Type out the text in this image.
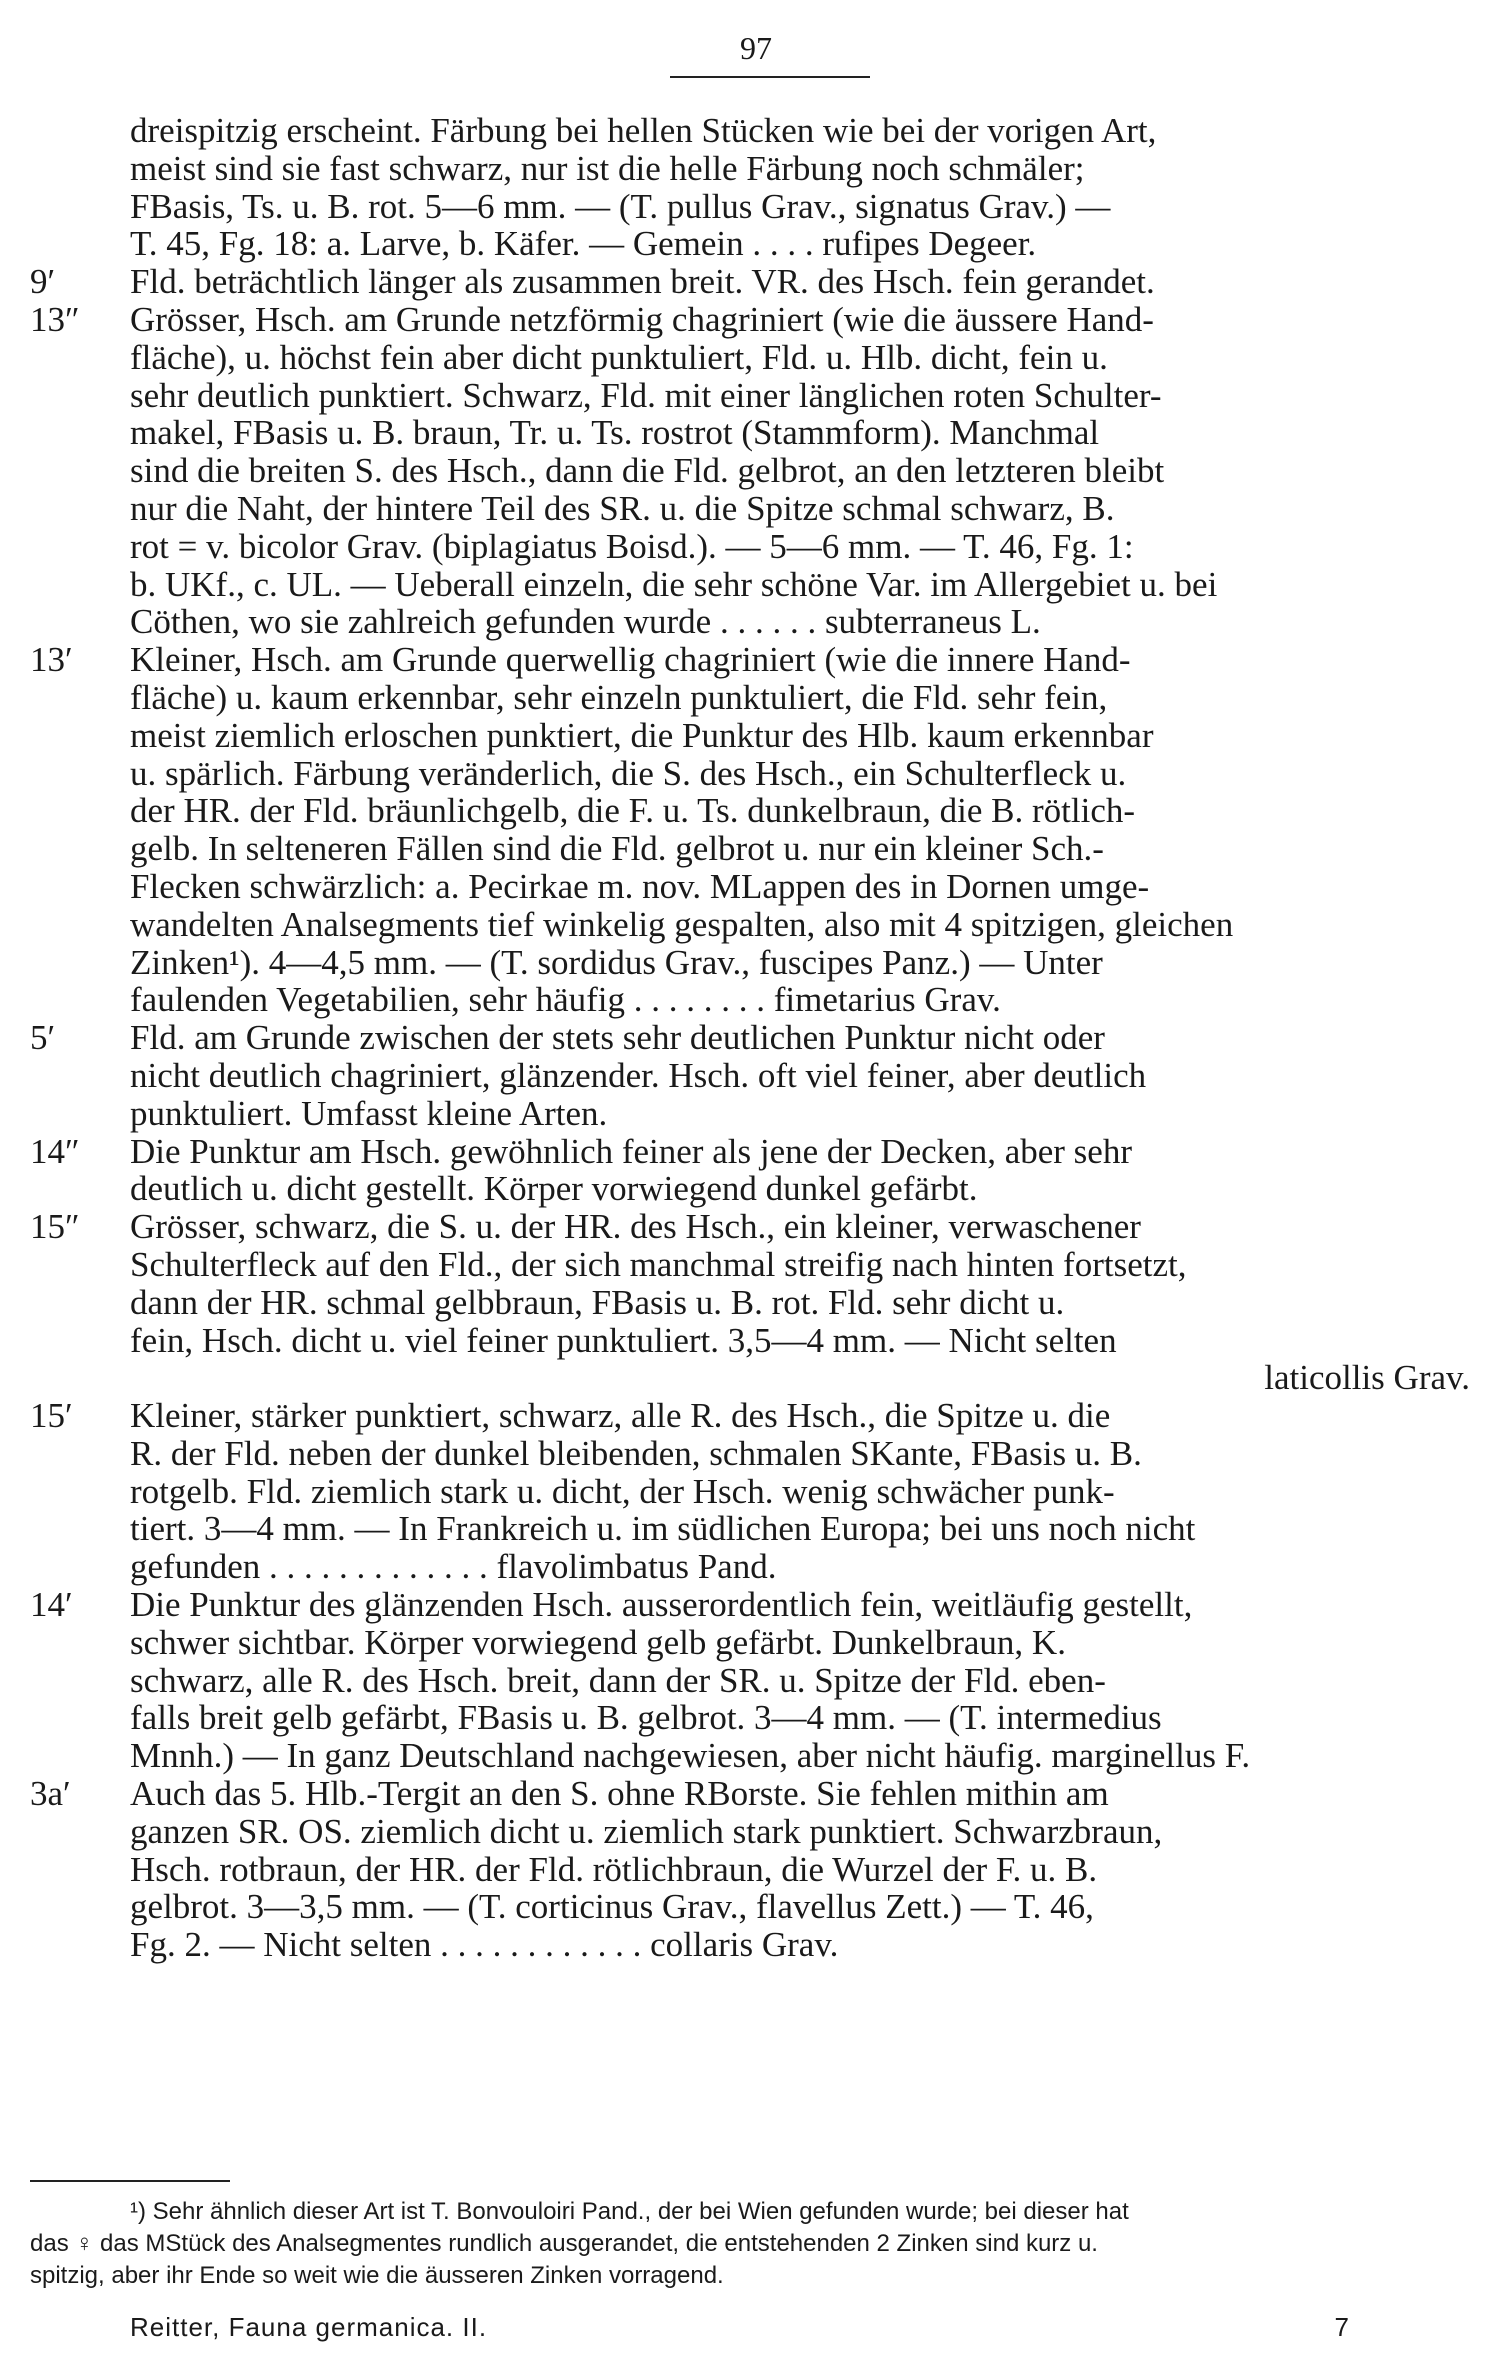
97
dreispitzig erscheint. Färbung bei hellen Stücken wie bei der vorigen Art,
meist sind sie fast schwarz, nur ist die helle Färbung noch schmäler;
FBasis, Ts. u. B. rot. 5—6 mm. — (T. pullus Grav., signatus Grav.) —
T. 45, Fg. 18: a. Larve, b. Käfer. — Gemein . . . . rufipes Degeer.
9′	Fld. beträchtlich länger als zusammen breit. VR. des Hsch. fein gerandet.
13″	Grösser, Hsch. am Grunde netzförmig chagriniert (wie die äussere Hand-
fläche), u. höchst fein aber dicht punktuliert, Fld. u. Hlb. dicht, fein u.
sehr deutlich punktiert. Schwarz, Fld. mit einer länglichen roten Schulter-
makel, FBasis u. B. braun, Tr. u. Ts. rostrot (Stammform). Manchmal
sind die breiten S. des Hsch., dann die Fld. gelbrot, an den letzteren bleibt
nur die Naht, der hintere Teil des SR. u. die Spitze schmal schwarz, B.
rot = v. bicolor Grav. (biplagiatus Boisd.). — 5—6 mm. — T. 46, Fg. 1:
b. UKf., c. UL. — Ueberall einzeln, die sehr schöne Var. im Allergebiet u. bei
Cöthen, wo sie zahlreich gefunden wurde . . . . . . subterraneus L.
13′	Kleiner, Hsch. am Grunde querwellig chagriniert (wie die innere Hand-
fläche) u. kaum erkennbar, sehr einzeln punktuliert, die Fld. sehr fein,
meist ziemlich erloschen punktiert, die Punktur des Hlb. kaum erkennbar
u. spärlich. Färbung veränderlich, die S. des Hsch., ein Schulterfleck u.
der HR. der Fld. bräunlichgelb, die F. u. Ts. dunkelbraun, die B. rötlich-
gelb. In selteneren Fällen sind die Fld. gelbrot u. nur ein kleiner Sch.-
Flecken schwärzlich: a. Pecirkae m. nov. MLappen des in Dornen umge-
wandelten Analsegments tief winkelig gespalten, also mit 4 spitzigen, gleichen
Zinken¹). 4—4,5 mm. — (T. sordidus Grav., fuscipes Panz.) — Unter
faulenden Vegetabilien, sehr häufig . . . . . . . . fimetarius Grav.
5′	Fld. am Grunde zwischen der stets sehr deutlichen Punktur nicht oder
nicht deutlich chagriniert, glänzender. Hsch. oft viel feiner, aber deutlich
punktuliert. Umfasst kleine Arten.
14″	Die Punktur am Hsch. gewöhnlich feiner als jene der Decken, aber sehr
deutlich u. dicht gestellt. Körper vorwiegend dunkel gefärbt.
15″	Grösser, schwarz, die S. u. der HR. des Hsch., ein kleiner, verwaschener
Schulterfleck auf den Fld., der sich manchmal streifig nach hinten fortsetzt,
dann der HR. schmal gelbbraun, FBasis u. B. rot. Fld. sehr dicht u.
fein, Hsch. dicht u. viel feiner punktuliert. 3,5—4 mm. — Nicht selten
laticollis Grav.
15′	Kleiner, stärker punktiert, schwarz, alle R. des Hsch., die Spitze u. die
R. der Fld. neben der dunkel bleibenden, schmalen SKante, FBasis u. B.
rotgelb. Fld. ziemlich stark u. dicht, der Hsch. wenig schwächer punk-
tiert. 3—4 mm. — In Frankreich u. im südlichen Europa; bei uns noch nicht
gefunden . . . . . . . . . . . . . flavolimbatus Pand.
14′	Die Punktur des glänzenden Hsch. ausserordentlich fein, weitläufig gestellt,
schwer sichtbar. Körper vorwiegend gelb gefärbt. Dunkelbraun, K.
schwarz, alle R. des Hsch. breit, dann der SR. u. Spitze der Fld. eben-
falls breit gelb gefärbt, FBasis u. B. gelbrot. 3—4 mm. — (T. intermedius
Mnnh.) — In ganz Deutschland nachgewiesen, aber nicht häufig. marginellus F.
3a′	Auch das 5. Hlb.-Tergit an den S. ohne RBorste. Sie fehlen mithin am
ganzen SR. OS. ziemlich dicht u. ziemlich stark punktiert. Schwarzbraun,
Hsch. rotbraun, der HR. der Fld. rötlichbraun, die Wurzel der F. u. B.
gelbrot. 3—3,5 mm. — (T. corticinus Grav., flavellus Zett.) — T. 46,
Fg. 2. — Nicht selten . . . . . . . . . . . . collaris Grav.
¹) Sehr ähnlich dieser Art ist T. Bonvouloiri Pand., der bei Wien gefunden wurde; bei dieser hat
das ♀ das MStück des Analsegmentes rundlich ausgerandet, die entstehenden 2 Zinken sind kurz u.
spitzig, aber ihr Ende so weit wie die äusseren Zinken vorragend.
Reitter, Fauna germanica. II.	7
